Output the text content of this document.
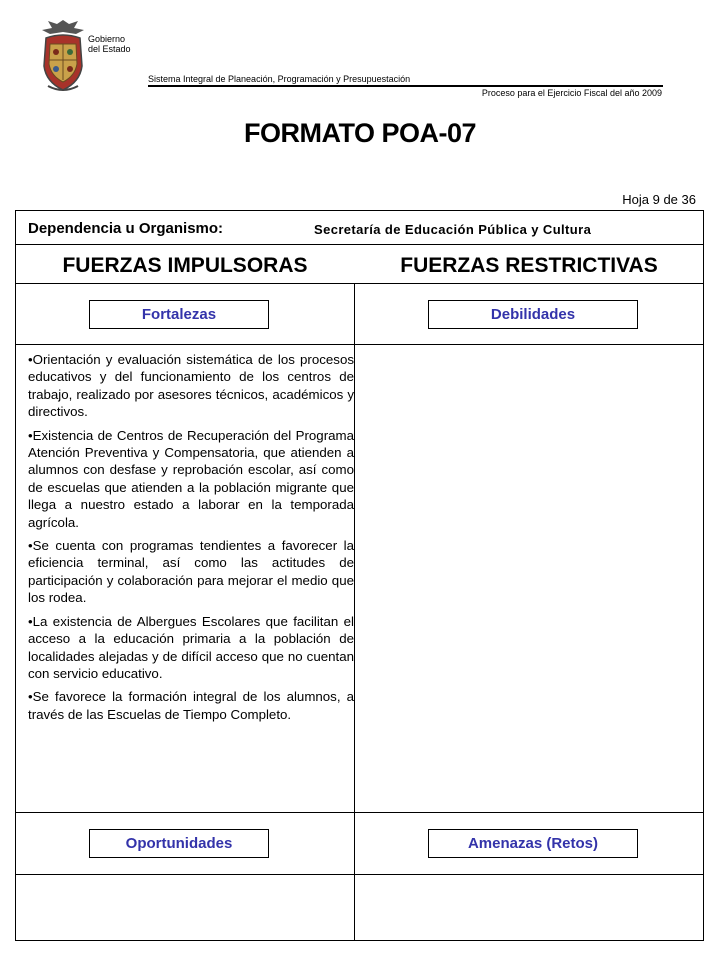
Gobierno
del Estado
Sistema Integral de Planeación, Programación y Presupuestación
Proceso para el Ejercicio Fiscal del año 2009
FORMATO POA-07
Hoja 9 de 36
Dependencia u Organismo:	Secretaría de Educación Pública y Cultura
FUERZAS IMPULSORAS	FUERZAS RESTRICTIVAS
Fortalezas	Debilidades
•Orientación y evaluación sistemática de los procesos educativos y del funcionamiento de los centros de trabajo, realizado por asesores técnicos, académicos y directivos.
•Existencia de Centros de Recuperación del Programa Atención Preventiva y Compensatoria, que atienden a alumnos con desfase y reprobación escolar, así como de escuelas que atienden a la población migrante que llega a nuestro estado a laborar en la temporada agrícola.
•Se cuenta con programas tendientes a favorecer la eficiencia terminal, así como las actitudes de participación y colaboración para mejorar el medio que los rodea.
•La existencia de Albergues Escolares que facilitan el acceso a la educación primaria a la población de localidades alejadas y de difícil acceso que no cuentan con servicio educativo.
•Se favorece la formación integral de los alumnos, a través de las Escuelas de Tiempo Completo.
Oportunidades	Amenazas (Retos)
